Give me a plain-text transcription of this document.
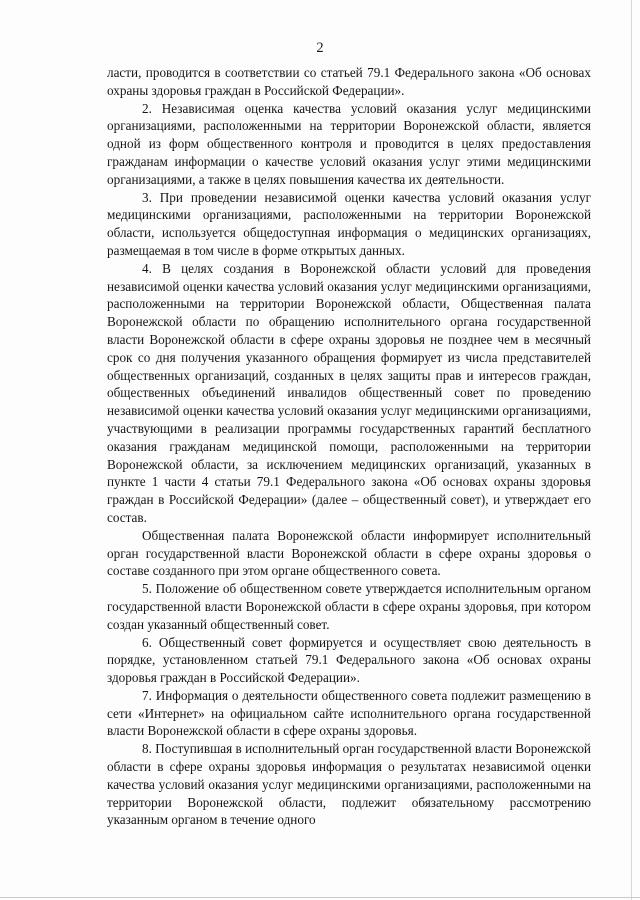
2

ласти, проводится в соответствии со статьей 79.1 Федерального закона «Об основах охраны здоровья граждан в Российской Федерации».

2. Независимая оценка качества условий оказания услуг медицинскими организациями, расположенными на территории Воронежской области, является одной из форм общественного контроля и проводится в целях предоставления гражданам информации о качестве условий оказания услуг этими медицинскими организациями, а также в целях повышения качества их деятельности.

3. При проведении независимой оценки качества условий оказания услуг медицинскими организациями, расположенными на территории Воронежской области, используется общедоступная информация о медицинских организациях, размещаемая в том числе в форме открытых данных.

4. В целях создания в Воронежской области условий для проведения независимой оценки качества условий оказания услуг медицинскими организациями, расположенными на территории Воронежской области, Общественная палата Воронежской области по обращению исполнительного органа государственной власти Воронежской области в сфере охраны здоровья не позднее чем в месячный срок со дня получения указанного обращения формирует из числа представителей общественных организаций, созданных в целях защиты прав и интересов граждан, общественных объединений инвалидов общественный совет по проведению независимой оценки качества условий оказания услуг медицинскими организациями, участвующими в реализации программы государственных гарантий бесплатного оказания гражданам медицинской помощи, расположенными на территории Воронежской области, за исключением медицинских организаций, указанных в пункте 1 части 4 статьи 79.1 Федерального закона «Об основах охраны здоровья граждан в Российской Федерации» (далее – общественный совет), и утверждает его состав.

Общественная палата Воронежской области информирует исполнительный орган государственной власти Воронежской области в сфере охраны здоровья о составе созданного при этом органе общественного совета.

5. Положение об общественном совете утверждается исполнительным органом государственной власти Воронежской области в сфере охраны здоровья, при котором создан указанный общественный совет.

6. Общественный совет формируется и осуществляет свою деятельность в порядке, установленном статьей 79.1 Федерального закона «Об основах охраны здоровья граждан в Российской Федерации».

7. Информация о деятельности общественного совета подлежит размещению в сети «Интернет» на официальном сайте исполнительного органа государственной власти Воронежской области в сфере охраны здоровья.

8. Поступившая в исполнительный орган государственной власти Воронежской области в сфере охраны здоровья информация о результатах независимой оценки качества условий оказания услуг медицинскими организациями, расположенными на территории Воронежской области, подлежит обязательному рассмотрению указанным органом в течение одного
